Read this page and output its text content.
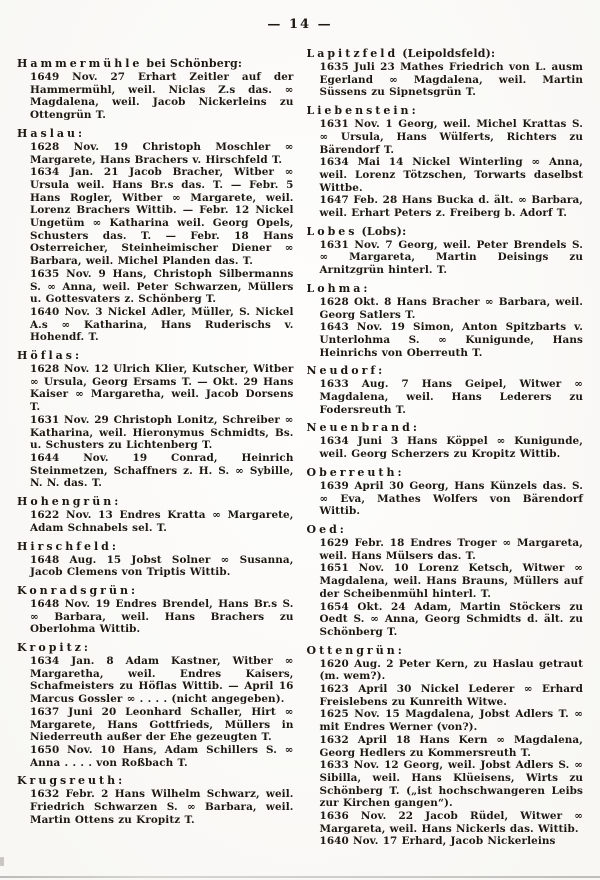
— 14 —
Hammermühle bei Schönberg:

1649 Nov. 27 Erhart Zeitler auf der Hammermühl, weil. Niclas Z.s das. ∞ Magdalena, weil. Jacob Nickerleins zu Ottengrün T.

Haslau:

1628 Nov. 19 Christoph Moschler ∞ Margarete, Hans Brachers v. Hirschfeld T.

1634 Jan. 21 Jacob Bracher, Witber ∞ Ursula weil. Hans Br.s das. T. — Febr. 5 Hans Rogler, Witber ∞ Margarete, weil. Lorenz Brachers Wittib. — Febr. 12 Nickel Ungetüm ∞ Katharina weil. Georg Opels, Schusters das. T. — Febr. 18 Hans Osterreicher, Steinheimischer Diener ∞ Barbara, weil. Michel Planden das. T.

1635 Nov. 9 Hans, Christoph Silbermanns S. ∞ Anna, weil. Peter Schwarzen, Müllers u. Gottesvaters z. Schönberg T.

1640 Nov. 3 Nickel Adler, Müller, S. Nickel A.s ∞ Katharina, Hans Ruderischs v. Hohendf. T.

Höflas:

1628 Nov. 12 Ulrich Klier, Kutscher, Witber ∞ Ursula, Georg Ersams T. — Okt. 29 Hans Kaiser ∞ Margaretha, weil. Jacob Dorsens T.

1631 Nov. 29 Christoph Lonitz, Schreiber ∞ Katharina, weil. Hieronymus Schmidts, Bs. u. Schusters zu Lichtenberg T.

1644 Nov. 19 Conrad, Heinrich Steinmetzen, Schaffners z. H. S. ∞ Sybille, N. N. das. T.

Hohengrün:

1622 Nov. 13 Endres Kratta ∞ Margarete, Adam Schnabels sel. T.

Hirschfeld:

1648 Aug. 15 Jobst Solner ∞ Susanna, Jacob Clemens von Triptis Wittib.

Konradsgrün:

1648 Nov. 19 Endres Brendel, Hans Br.s S. ∞ Barbara, weil. Hans Brachers zu Oberlohma Wittib.

Kropitz:

1634 Jan. 8 Adam Kastner, Witber ∞ Margaretha, weil. Endres Kaisers, Schafmeisters zu Höflas Wittib. — April 16 Marcus Gossler ∞ . . . . (nicht angegeben).

1637 Juni 20 Leonhard Schaller, Hirt ∞ Margarete, Hans Gottfrieds, Müllers in Niederreuth außer der Ehe gezeugten T.

1650 Nov. 10 Hans, Adam Schillers S. ∞ Anna . . . . von Roßbach T.

Krugsreuth:

1632 Febr. 2 Hans Wilhelm Schwarz, weil. Friedrich Schwarzen S. ∞ Barbara, weil. Martin Ottens zu Kropitz T.

Lapitzfeld (Leipoldsfeld):

1635 Juli 23 Mathes Friedrich von L. ausm Egerland ∞ Magdalena, weil. Martin Süssens zu Sipnetsgrün T.

Liebenstein:

1631 Nov. 1 Georg, weil. Michel Krattas S. ∞ Ursula, Hans Wülferts, Richters zu Bärendorf T.

1634 Mai 14 Nickel Winterling ∞ Anna, weil. Lorenz Tötzschen, Torwarts daselbst Wittbe.

1647 Feb. 28 Hans Bucka d. ält. ∞ Barbara, weil. Erhart Peters z. Freiberg b. Adorf T.

Lobes (Lobs):

1631 Nov. 7 Georg, weil. Peter Brendels S. ∞ Margareta, Martin Deisings zu Arnitzgrün hinterl. T.

Lohma:

1628 Okt. 8 Hans Bracher ∞ Barbara, weil. Georg Satlers T.

1643 Nov. 19 Simon, Anton Spitzbarts v. Unterlohma S. ∞ Kunigunde, Hans Heinrichs von Oberreuth T.

Neudorf:

1633 Aug. 7 Hans Geipel, Witwer ∞ Magdalena, weil. Hans Lederers zu Fodersreuth T.

Neuenbrand:

1634 Juni 3 Hans Köppel ∞ Kunigunde, weil. Georg Scherzers zu Kropitz Wittib.

Oberreuth:

1639 April 30 Georg, Hans Künzels das. S. ∞ Eva, Mathes Wolfers von Bärendorf Wittib.

Oed:

1629 Febr. 18 Endres Troger ∞ Margareta, weil. Hans Mülsers das. T.

1651 Nov. 10 Lorenz Ketsch, Witwer ∞ Magdalena, weil. Hans Brauns, Müllers auf der Scheibenmühl hinterl. T.

1654 Okt. 24 Adam, Martin Stöckers zu Oedt S. ∞ Anna, Georg Schmidts d. ält. zu Schönberg T.

Ottengrün:

1620 Aug. 2 Peter Kern, zu Haslau getraut (m. wem?).

1623 April 30 Nickel Lederer ∞ Erhard Freislebens zu Kunreith Witwe.

1625 Nov. 15 Magdalena, Jobst Adlers T. ∞ mit Endres Werner (von?).

1632 April 18 Hans Kern ∞ Magdalena, Georg Hedlers zu Kommersreuth T.

1633 Nov. 12 Georg, weil. Jobst Adlers S. ∞ Sibilla, weil. Hans Klüeisens, Wirts zu Schönberg T. („ist hochschwangeren Leibs zur Kirchen gangen“).

1636 Nov. 22 Jacob Rüdel, Witwer ∞ Margareta, weil. Hans Nickerls das. Wittib.

1640 Nov. 17 Erhard, Jacob Nickerleins
